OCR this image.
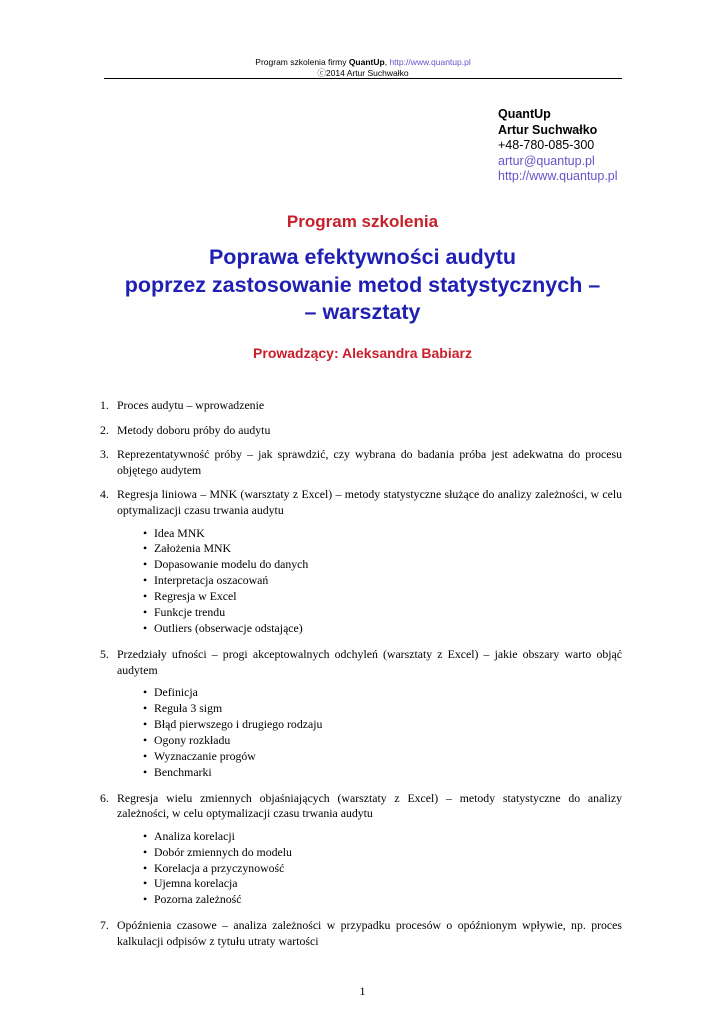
Program szkolenia firmy QuantUp, http://www.quantup.pl
ⓒ2014 Artur Suchwałko
QuantUp
Artur Suchwałko
+48-780-085-300
artur@quantup.pl
http://www.quantup.pl
Program szkolenia
Poprawa efektywności audytu
poprzez zastosowanie metod statystycznych –
– warsztaty
Prowadzący: Aleksandra Babiarz
1. Proces audytu – wprowadzenie
2. Metody doboru próby do audytu
3. Reprezentatywność próby – jak sprawdzić, czy wybrana do badania próba jest adekwatna do procesu objętego audytem
4. Regresja liniowa – MNK (warsztaty z Excel) – metody statystyczne służące do analizy zależności, w celu optymalizacji czasu trwania audytu
• Idea MNK
• Założenia MNK
• Dopasowanie modelu do danych
• Interpretacja oszacowań
• Regresja w Excel
• Funkcje trendu
• Outliers (obserwacje odstające)
5. Przedziały ufności – progi akceptowalnych odchyleń (warsztaty z Excel) – jakie obszary warto objąć audytem
• Definicja
• Reguła 3 sigm
• Błąd pierwszego i drugiego rodzaju
• Ogony rozkładu
• Wyznaczanie progów
• Benchmarki
6. Regresja wielu zmiennych objaśniających (warsztaty z Excel) – metody statystyczne do analizy zależności, w celu optymalizacji czasu trwania audytu
• Analiza korelacji
• Dobór zmiennych do modelu
• Korelacja a przyczynowość
• Ujemna korelacja
• Pozorna zależność
7. Opóźnienia czasowe – analiza zależności w przypadku procesów o opóźnionym wpływie, np. proces kalkulacji odpisów z tytułu utraty wartości
1
